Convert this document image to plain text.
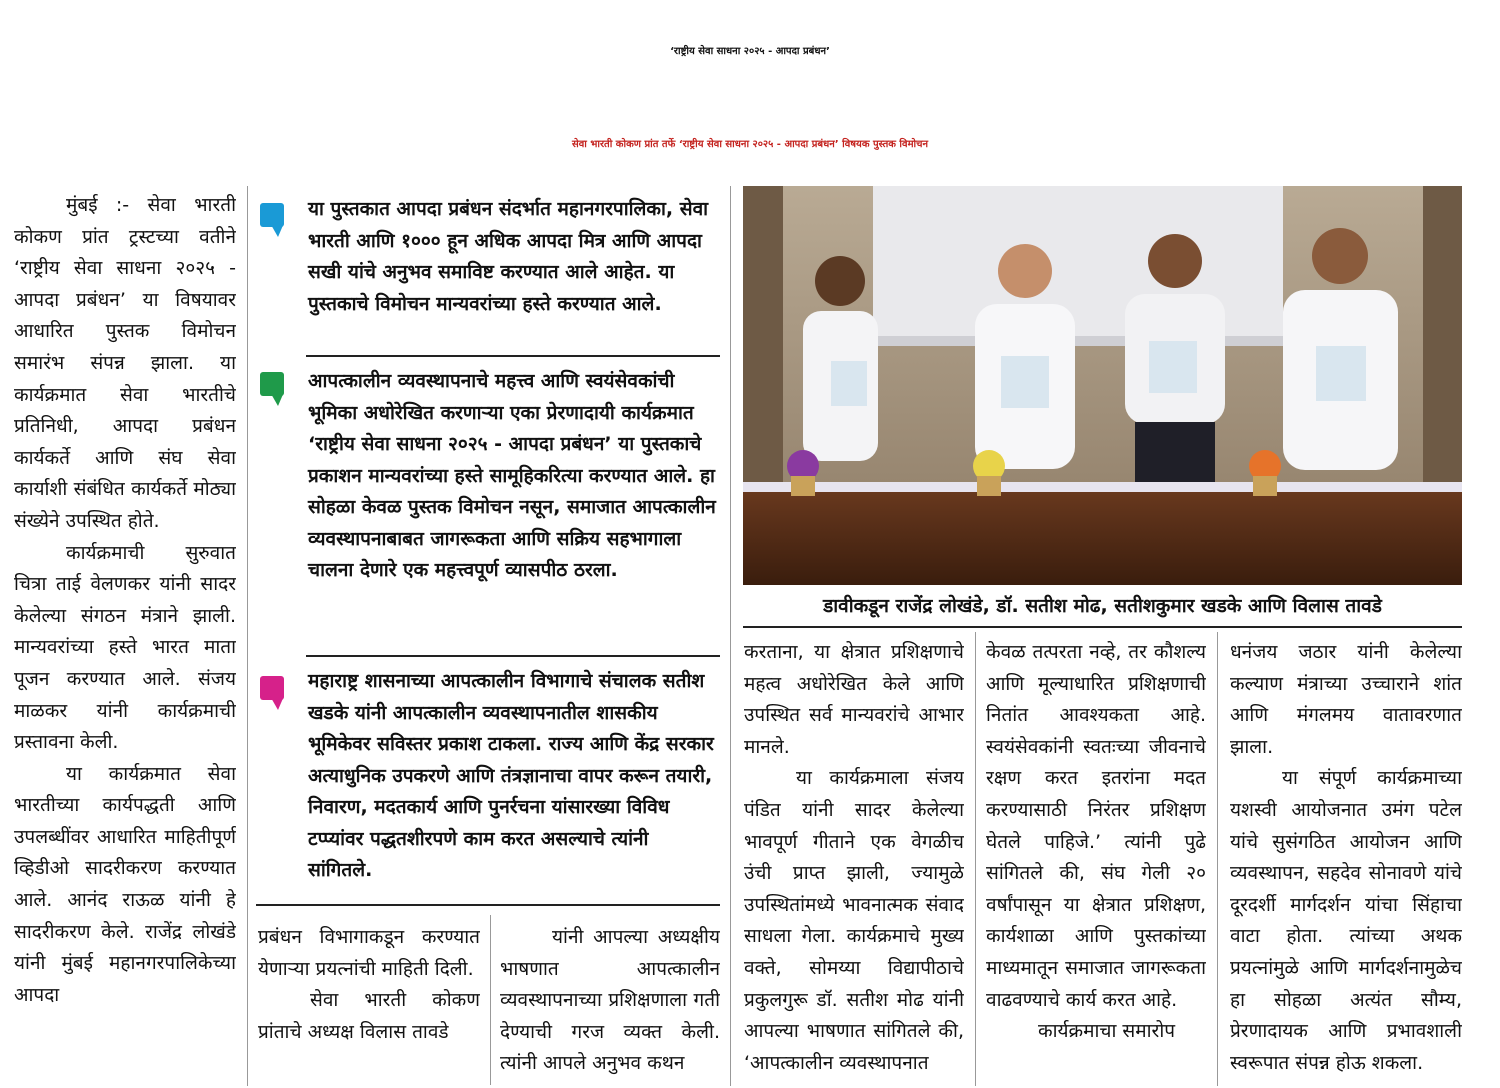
‘राष्ट्रीय सेवा साधना २०२५ - आपदा प्रबंधन’
सेवा भारती कोकण प्रांत तर्फे ‘राष्ट्रीय सेवा साधना २०२५ - आपदा प्रबंधन’ विषयक पुस्तक विमोचन

मुंबई :- सेवा भारती कोकण प्रांत ट्रस्टच्या वतीने ‘राष्ट्रीय सेवा साधना २०२५ - आपदा प्रबंधन’ या विषयावर आधारित पुस्तक विमोचन समारंभ संपन्न झाला. या कार्यक्रमात सेवा भारतीचे प्रतिनिधी, आपदा प्रबंधन कार्यकर्ते आणि संघ सेवा कार्याशी संबंधित कार्यकर्ते मोठ्या संख्येने उपस्थित होते.

कार्यक्रमाची सुरुवात चित्रा ताई वेलणकर यांनी सादर केलेल्या संगठन मंत्राने झाली. मान्यवरांच्या हस्ते भारत माता पूजन करण्यात आले. संजय माळकर यांनी कार्यक्रमाची प्रस्तावना केली.

या कार्यक्रमात सेवा भारतीच्या कार्यपद्धती आणि उपलब्धींवर आधारित माहितीपूर्ण व्हिडीओ सादरीकरण करण्यात आले. आनंद राऊळ यांनी हे सादरीकरण केले. राजेंद्र लोखंडे यांनी मुंबई महानगरपालिकेच्या आपदा

या पुस्तकात आपदा प्रबंधन संदर्भात महानगरपालिका, सेवा भारती आणि १००० हून अधिक आपदा मित्र आणि आपदा सखी यांचे अनुभव समाविष्ट करण्यात आले आहेत. या पुस्तकाचे विमोचन मान्यवरांच्या हस्ते करण्यात आले.

आपत्कालीन व्यवस्थापनाचे महत्त्व आणि स्वयंसेवकांची भूमिका अधोरेखित करणाऱ्या एका प्रेरणादायी कार्यक्रमात ‘राष्ट्रीय सेवा साधना २०२५ - आपदा प्रबंधन’ या पुस्तकाचे प्रकाशन मान्यवरांच्या हस्ते सामूहिकरित्या करण्यात आले. हा सोहळा केवळ पुस्तक विमोचन नसून, समाजात आपत्कालीन व्यवस्थापनाबाबत जागरूकता आणि सक्रिय सहभागाला चालना देणारे एक महत्त्वपूर्ण व्यासपीठ ठरला.

महाराष्ट्र शासनाच्या आपत्कालीन विभागाचे संचालक सतीश खडके यांनी आपत्कालीन व्यवस्थापनातील शासकीय भूमिकेवर सविस्तर प्रकाश टाकला. राज्य आणि केंद्र सरकार अत्याधुनिक उपकरणे आणि तंत्रज्ञानाचा वापर करून तयारी, निवारण, मदतकार्य आणि पुनर्रचना यांसारख्या विविध टप्प्यांवर पद्धतशीरपणे काम करत असल्याचे त्यांनी सांगितले.

प्रबंधन विभागाकडून करण्यात येणाऱ्या प्रयत्नांची माहिती दिली.

सेवा भारती कोकण प्रांताचे अध्यक्ष विलास तावडे

यांनी आपल्या अध्यक्षीय भाषणात आपत्कालीन व्यवस्थापनाच्या प्रशिक्षणाला गती देण्याची गरज व्यक्त केली. त्यांनी आपले अनुभव कथन

डावीकडून राजेंद्र लोखंडे, डॉ. सतीश मोढ, सतीशकुमार खडके आणि विलास तावडे

करताना, या क्षेत्रात प्रशिक्षणाचे महत्व अधोरेखित केले आणि उपस्थित सर्व मान्यवरांचे आभार मानले.

या कार्यक्रमाला संजय पंडित यांनी सादर केलेल्या भावपूर्ण गीताने एक वेगळीच उंची प्राप्त झाली, ज्यामुळे उपस्थितांमध्ये भावनात्मक संवाद साधला गेला. कार्यक्रमाचे मुख्य वक्ते, सोमय्या विद्यापीठाचे प्रकुलगुरू डॉ. सतीश मोढ यांनी आपल्या भाषणात सांगितले की, ‘आपत्कालीन व्यवस्थापनात

केवळ तत्परता नव्हे, तर कौशल्य आणि मूल्याधारित प्रशिक्षणाची नितांत आवश्यकता आहे. स्वयंसेवकांनी स्वतःच्या जीवनाचे रक्षण करत इतरांना मदत करण्यासाठी निरंतर प्रशिक्षण घेतले पाहिजे.’ त्यांनी पुढे सांगितले की, संघ गेली २० वर्षांपासून या क्षेत्रात प्रशिक्षण, कार्यशाळा आणि पुस्तकांच्या माध्यमातून समाजात जागरूकता वाढवण्याचे कार्य करत आहे.

कार्यक्रमाचा समारोप

धनंजय जठार यांनी केलेल्या कल्याण मंत्राच्या उच्चाराने शांत आणि मंगलमय वातावरणात झाला.

या संपूर्ण कार्यक्रमाच्या यशस्वी आयोजनात उमंग पटेल यांचे सुसंगठित आयोजन आणि व्यवस्थापन, सहदेव सोनावणे यांचे दूरदर्शी मार्गदर्शन यांचा सिंहाचा वाटा होता. त्यांच्या अथक प्रयत्नांमुळे आणि मार्गदर्शनामुळेच हा सोहळा अत्यंत सौम्य, प्रेरणादायक आणि प्रभावशाली स्वरूपात संपन्न होऊ शकला.
